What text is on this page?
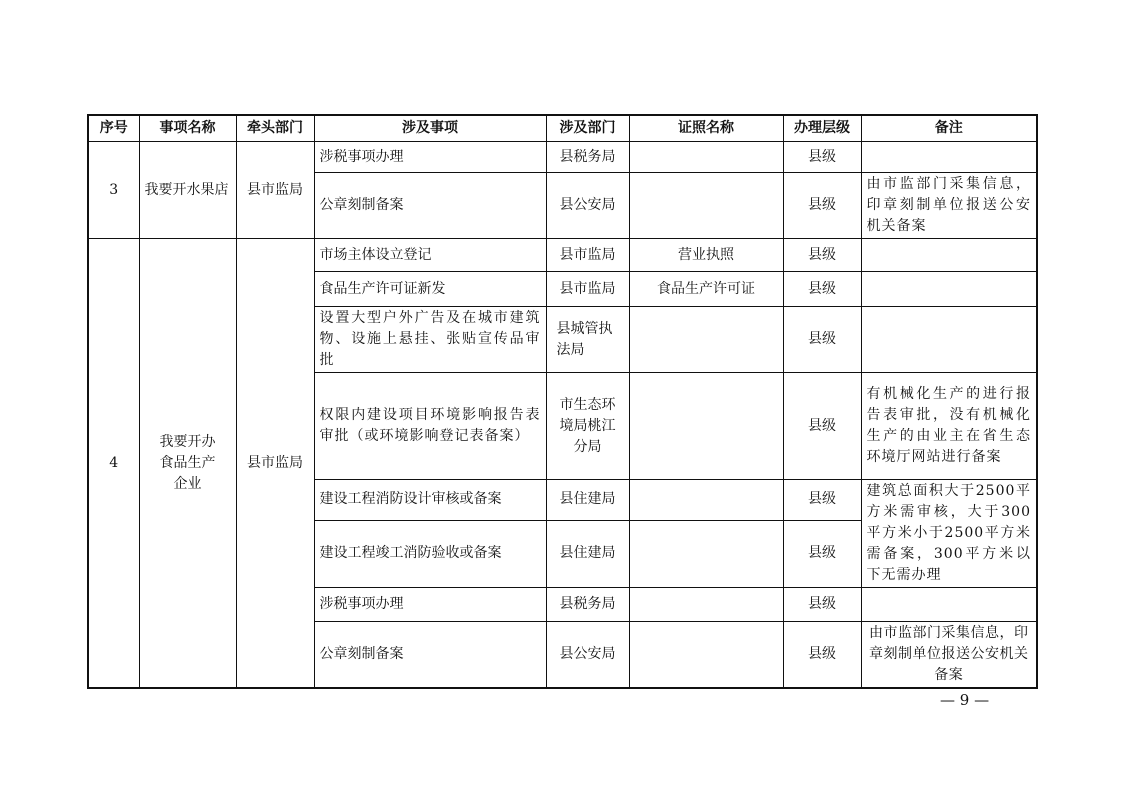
序号	事项名称	牵头部门	涉及事项	涉及部门	证照名称	办理层级	备注
3	我要开水果店	县市监局	涉税事项办理	县税务局		县级	
			公章刻制备案	县公安局		县级	由市监部门采集信息，印章刻制单位报送公安机关备案
4	我要开办食品生产企业	县市监局	市场主体设立登记	县市监局	营业执照	县级	
			食品生产许可证新发	县市监局	食品生产许可证	县级	
			设置大型户外广告及在城市建筑物、设施上悬挂、张贴宣传品审批	县城管执法局		县级	
			权限内建设项目环境影响报告表审批（或环境影响登记表备案）	市生态环境局桃江分局		县级	有机械化生产的进行报告表审批，没有机械化生产的由业主在省生态环境厅网站进行备案
			建设工程消防设计审核或备案	县住建局		县级	建筑总面积大于2500平方米需审核，大于300平方米小于2500平方米需备案，300平方米以下无需办理
			建设工程竣工消防验收或备案	县住建局		县级	
			涉税事项办理	县税务局		县级	
			公章刻制备案	县公安局		县级	由市监部门采集信息，印章刻制单位报送公安机关备案
— 9 —
